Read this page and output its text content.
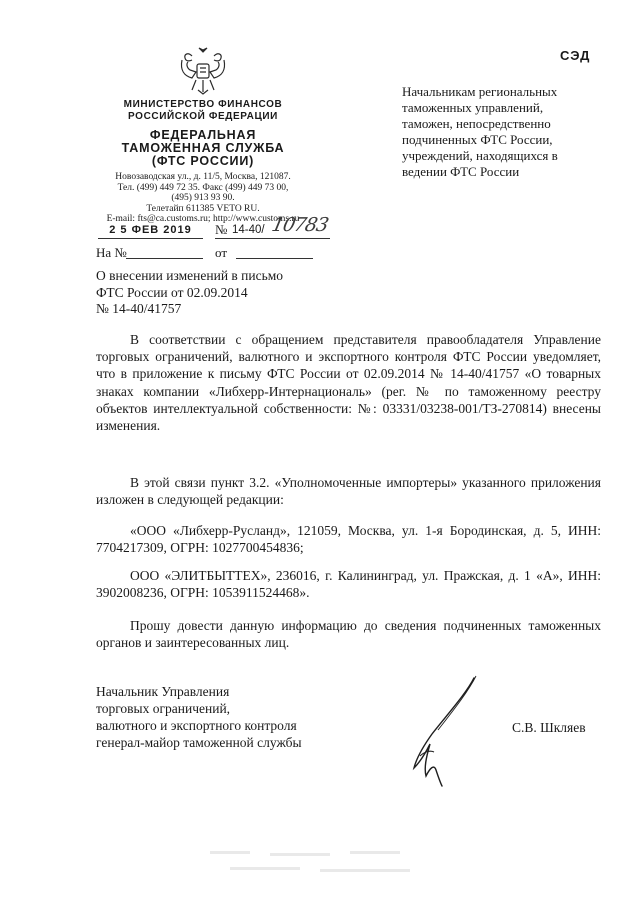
СЭД
МИНИСТЕРСТВО ФИНАНСОВ
РОССИЙСКОЙ ФЕДЕРАЦИИ
ФЕДЕРАЛЬНАЯ
ТАМОЖЕННАЯ СЛУЖБА
(ФТС РОССИИ)
Новозаводская ул., д. 11/5, Москва, 121087.
Тел. (499) 449 72 35. Факс (499) 449 73 00,
(495) 913 93 90.
Телетайп 611385 VETO RU.
E-mail: fts@ca.customs.ru; http://www.customs.ru
2 5 ФЕВ 2019	№ 14-40/ 10783
На №	от
Начальникам региональных
таможенных управлений,
таможен, непосредственно
подчиненных ФТС России,
учреждений, находящихся в
ведении ФТС России
О внесении изменений в письмо
ФТС России от 02.09.2014
№ 14-40/41757
В соответствии с обращением представителя правообладателя Управление торговых ограничений, валютного и экспортного контроля ФТС России уведомляет, что в приложение к письму ФТС России от 02.09.2014 № 14-40/41757 «О товарных знаках компании «Либхерр-Интернациональ» (рег. № по таможенному реестру объектов интеллектуальной собственности: №: 03331/03238-001/ТЗ-270814) внесены изменения.
В этой связи пункт 3.2. «Уполномоченные импортеры» указанного приложения изложен в следующей редакции:
«ООО «Либхерр-Русланд», 121059, Москва, ул. 1-я Бородинская, д. 5, ИНН: 7704217309, ОГРН: 1027700454836;
ООО «ЭЛИТБЫТТЕХ», 236016, г. Калининград, ул. Пражская, д. 1 «А», ИНН: 3902008236, ОГРН: 1053911524468».
Прошу довести данную информацию до сведения подчиненных таможенных органов и заинтересованных лиц.
Начальник Управления
торговых ограничений,
валютного и экспортного контроля
генерал-майор таможенной службы
С.В. Шкляев
